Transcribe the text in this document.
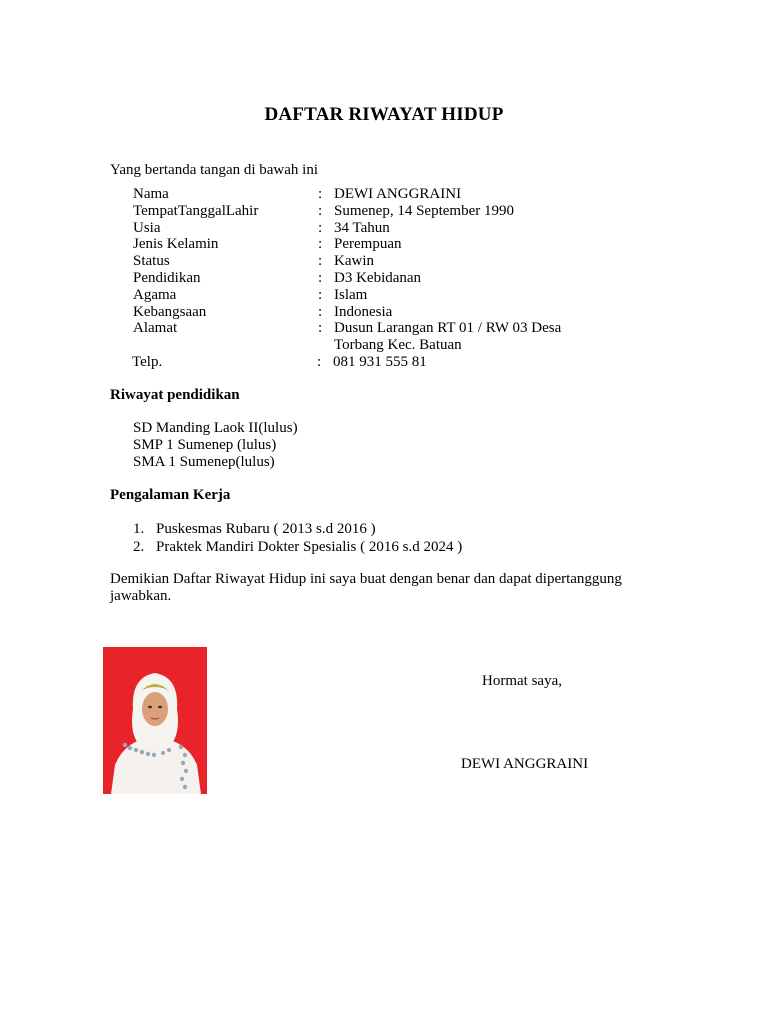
DAFTAR RIWAYAT HIDUP
Yang bertanda tangan di bawah ini
Nama	: DEWI ANGGRAINI
TempatTanggalLahir	: Sumenep, 14 September 1990
Usia	: 34 Tahun
Jenis Kelamin	: Perempuan
Status	: Kawin
Pendidikan	: D3 Kebidanan
Agama	: Islam
Kebangsaan	: Indonesia
Alamat	: Dusun Larangan RT 01 / RW 03 Desa Torbang Kec. Batuan
Telp.	: 081 931 555 81
Riwayat pendidikan
SD Manding Laok II(lulus)
SMP 1 Sumenep (lulus)
SMA 1 Sumenep(lulus)
Pengalaman Kerja
1. Puskesmas Rubaru ( 2013 s.d 2016 )
2. Praktek Mandiri Dokter Spesialis ( 2016 s.d 2024 )
Demikian Daftar Riwayat Hidup ini saya buat dengan benar dan dapat dipertanggung jawabkan.
Hormat saya,
DEWI ANGGRAINI
